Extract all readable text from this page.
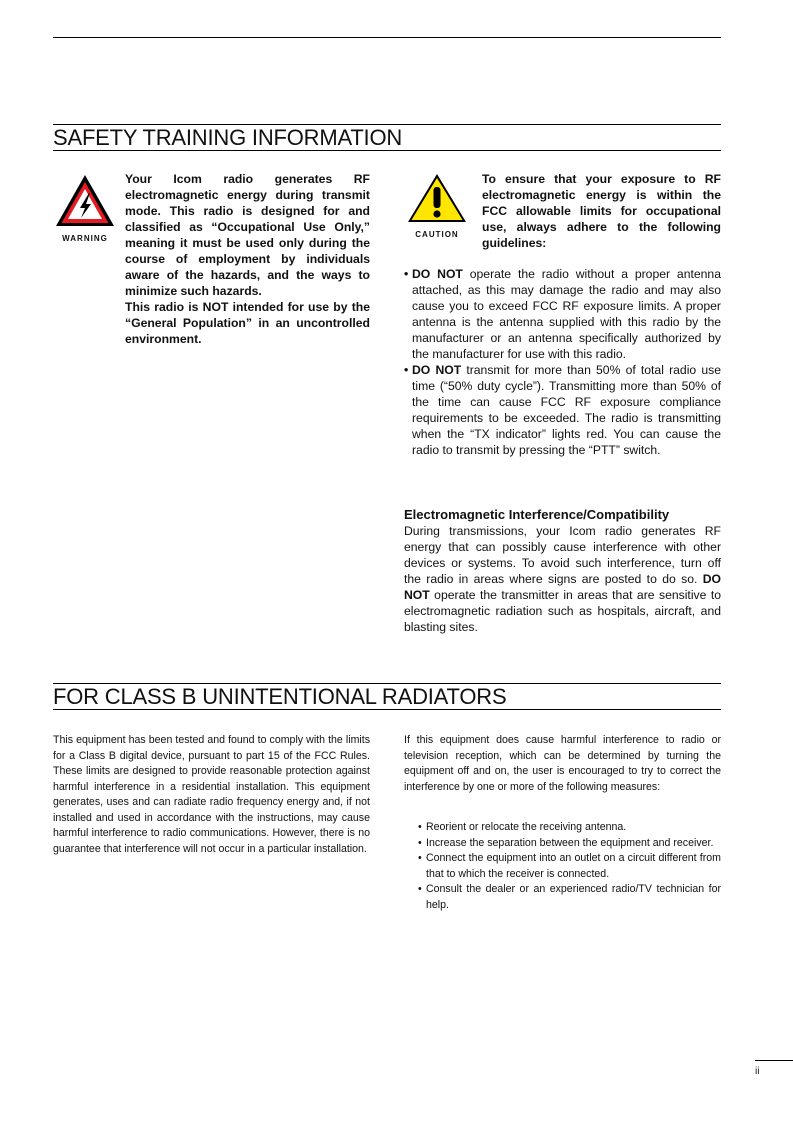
SAFETY TRAINING INFORMATION
WARNING
Your Icom radio generates RF electromagnetic energy during transmit mode. This radio is designed for and classified as “Occupational Use Only,” meaning it must be used only during the course of employment by individuals aware of the hazards, and the ways to minimize such hazards.
This radio is NOT intended for use by the “General Population” in an uncontrolled environment.
CAUTION
To ensure that your exposure to RF electromagnetic energy is within the FCC allowable limits for occupational use, always adhere to the following guidelines:
• DO NOT operate the radio without a proper antenna attached, as this may damage the radio and may also cause you to exceed FCC RF exposure limits. A proper antenna is the antenna supplied with this radio by the manufacturer or an antenna specifically authorized by the manufacturer for use with this radio.
• DO NOT transmit for more than 50% of total radio use time (“50% duty cycle”). Transmitting more than 50% of the time can cause FCC RF exposure compliance requirements to be exceeded. The radio is transmitting when the “TX indicator” lights red. You can cause the radio to transmit by pressing the “PTT” switch.
Electromagnetic Interference/Compatibility

During transmissions, your Icom radio generates RF energy that can possibly cause interference with other devices or systems. To avoid such interference, turn off the radio in areas where signs are posted to do so. DO NOT operate the transmitter in areas that are sensitive to electromagnetic radiation such as hospitals, aircraft, and blasting sites.

FOR CLASS B UNINTENTIONAL RADIATORS

This equipment has been tested and found to comply with the limits for a Class B digital device, pursuant to part 15 of the FCC Rules. These limits are designed to provide reasonable protection against harmful interference in a residential installation. This equipment generates, uses and can radiate radio frequency energy and, if not installed and used in accordance with the instructions, may cause harmful interference to radio communications. However, there is no guarantee that interference will not occur in a particular installation.

If this equipment does cause harmful interference to radio or television reception, which can be determined by turning the equipment off and on, the user is encouraged to try to correct the interference by one or more of the following measures:

• Reorient or relocate the receiving antenna.
• Increase the separation between the equipment and receiver.
• Connect the equipment into an outlet on a circuit different from that to which the receiver is connected.
• Consult the dealer or an experienced radio/TV technician for help.
ii
